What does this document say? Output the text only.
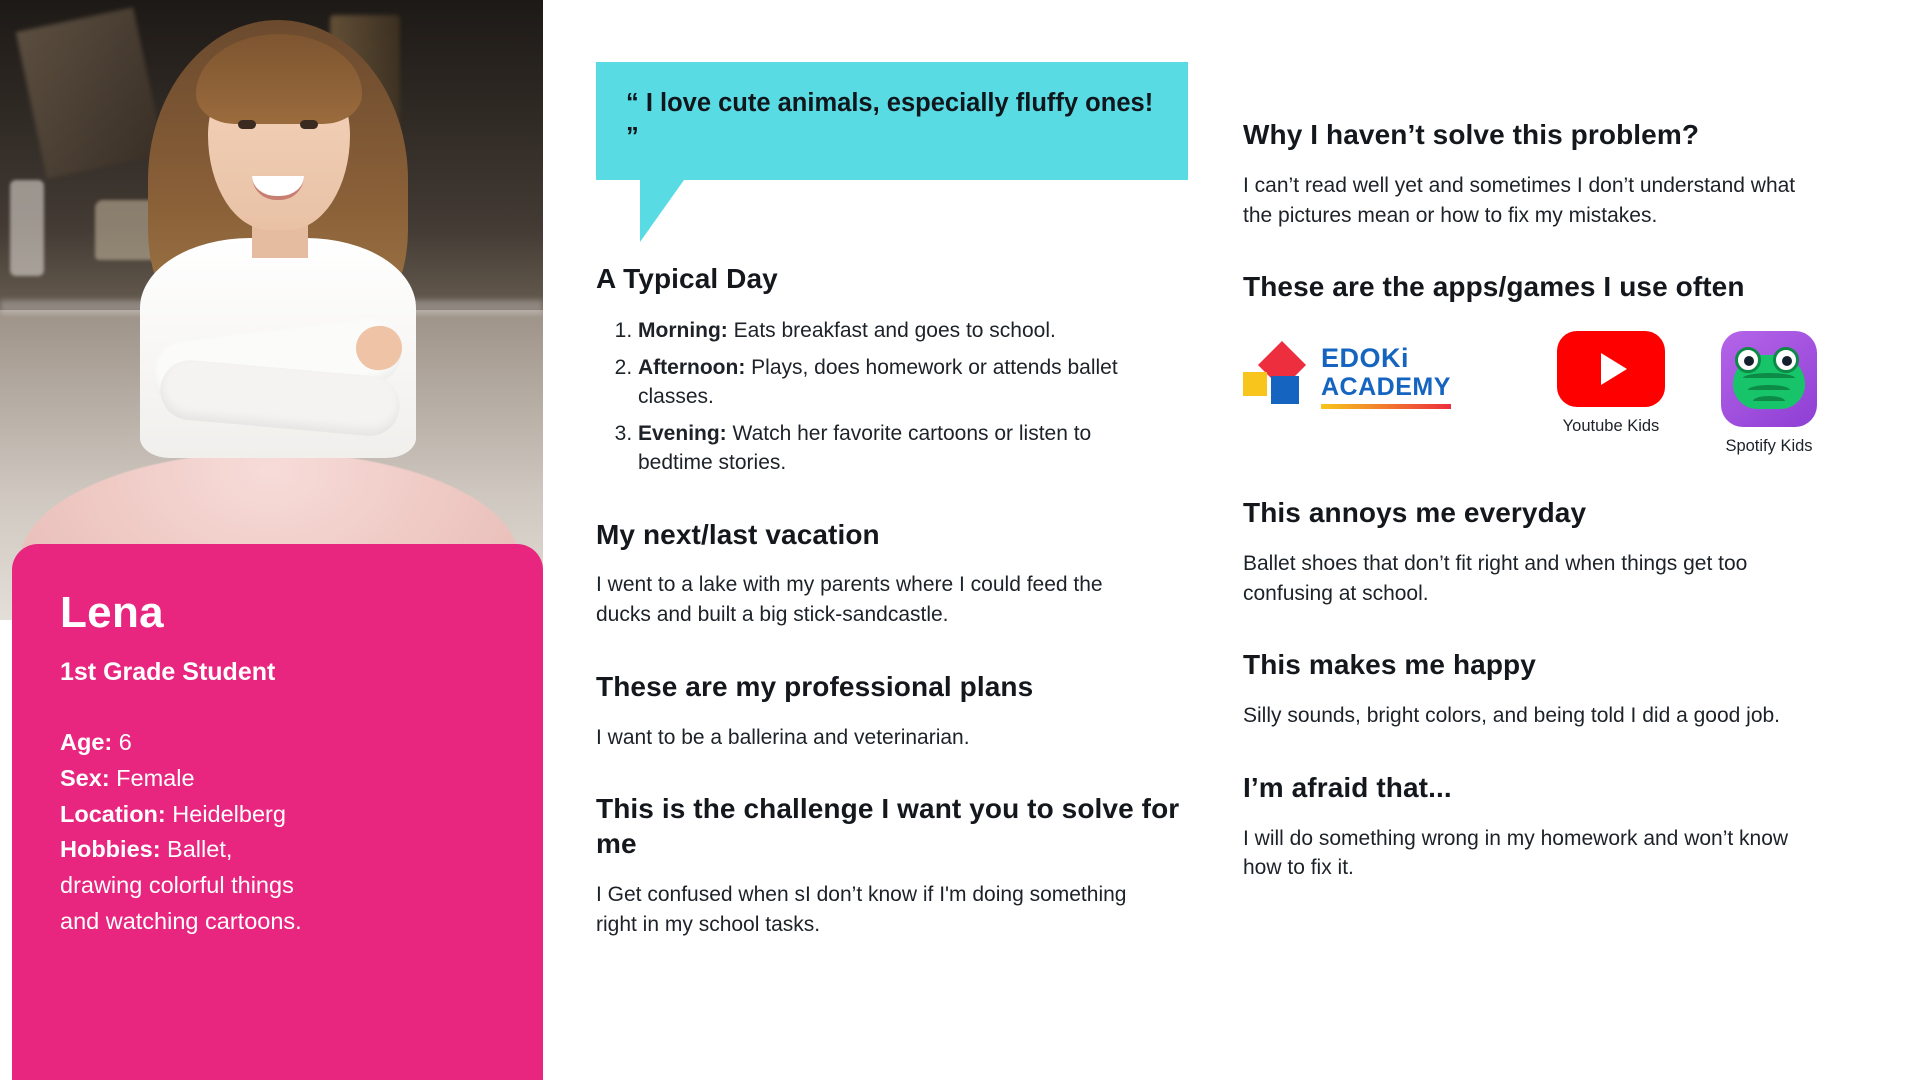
Lena
1st Grade Student
Age: 6
Sex: Female
Location: Heidelberg
Hobbies: Ballet,
drawing colorful things
and watching cartoons.
“ I love cute animals, especially fluffy ones! ”
A Typical Day
1. Morning: Eats breakfast and goes to school.
2. Afternoon: Plays, does homework or attends ballet classes.
3. Evening: Watch her favorite cartoons or listen to bedtime stories.
My next/last vacation

I went to a lake with my parents where I could feed the ducks and built a big stick-sandcastle.

These are my professional plans

I want to be a ballerina and veterinarian.

This is the challenge I want you to solve for me

I Get confused when sI don’t know if I'm doing something right in my school tasks.

Why I haven’t solve this problem?

I can’t read well yet and sometimes I don’t understand what the pictures mean or how to fix my mistakes.

These are the apps/games I use often
EDOKi
ACADEMY
Youtube Kids
Spotify Kids
This annoys me everyday

Ballet shoes that don’t fit right and when things get too confusing at school.

This makes me happy

Silly sounds, bright colors, and being told I did a good job.

I’m afraid that...

I will do something wrong in my homework and won’t know how to fix it.
